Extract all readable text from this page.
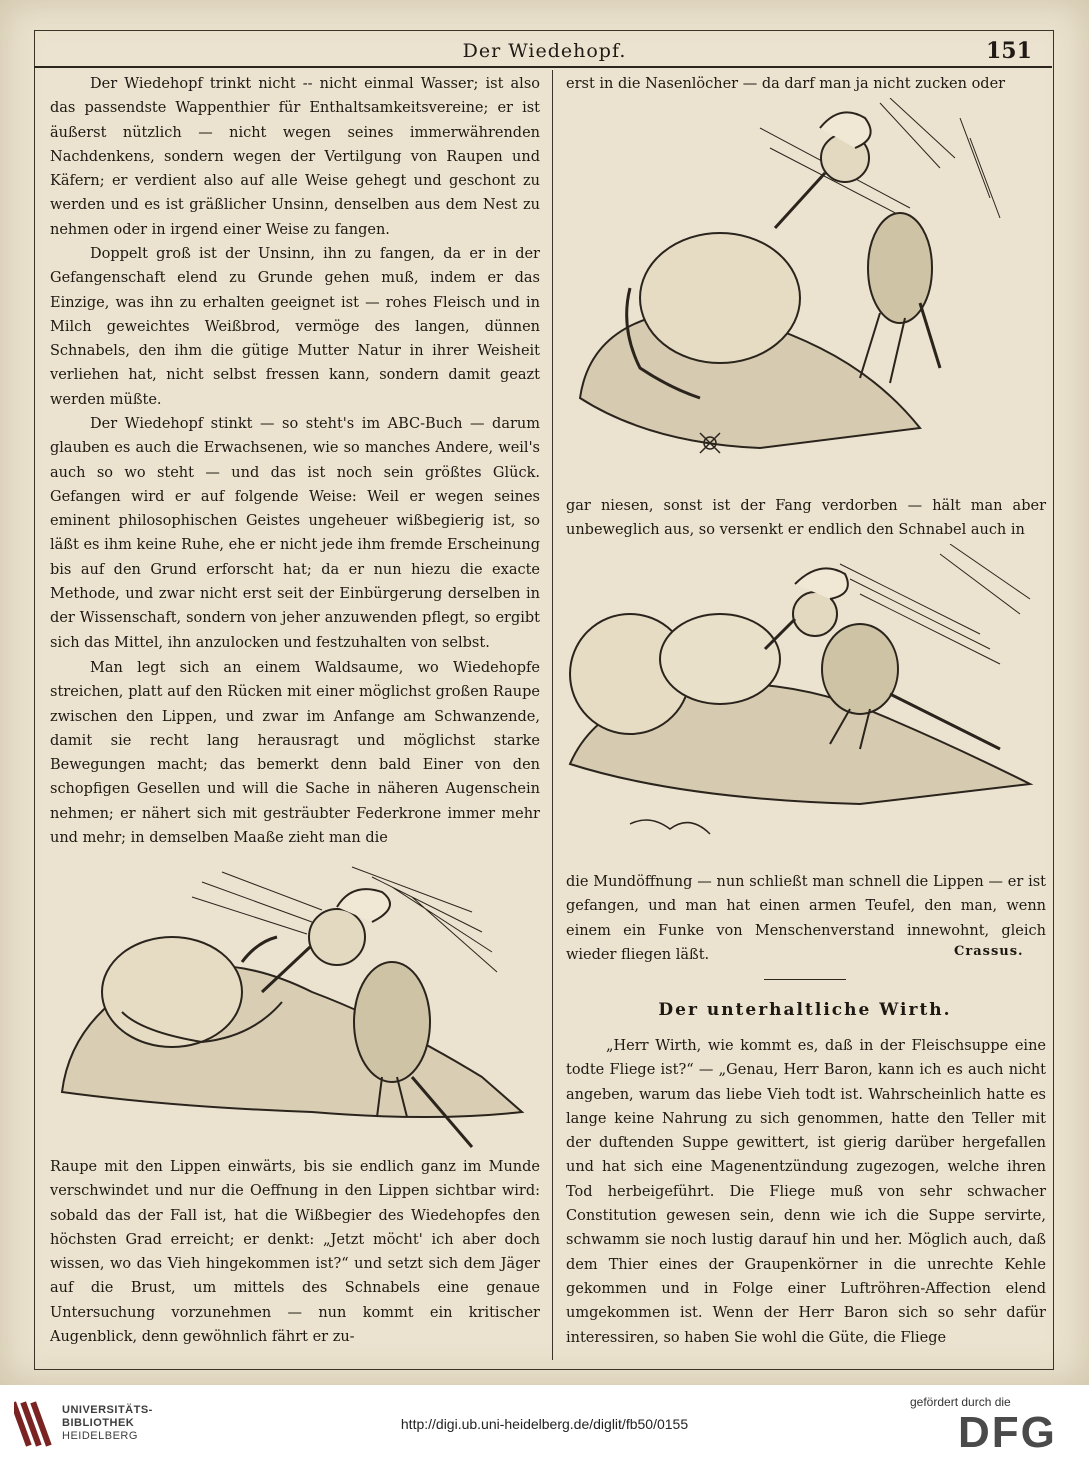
Der Wiedehopf.	151

Der Wiedehopf trinkt nicht -- nicht einmal Wasser; ist also das passendste Wappenthier für Enthaltsamkeitsvereine; er ist äußerst nützlich — nicht wegen seines immerwährenden Nachdenkens, sondern wegen der Vertilgung von Raupen und Käfern; er verdient also auf alle Weise gehegt und geschont zu werden und es ist gräßlicher Unsinn, denselben aus dem Nest zu nehmen oder in irgend einer Weise zu fangen.

Doppelt groß ist der Unsinn, ihn zu fangen, da er in der Gefangenschaft elend zu Grunde gehen muß, indem er das Einzige, was ihn zu erhalten geeignet ist — rohes Fleisch und in Milch geweichtes Weißbrod, vermöge des langen, dünnen Schnabels, den ihm die gütige Mutter Natur in ihrer Weisheit verliehen hat, nicht selbst fressen kann, sondern damit geazt werden müßte.

Der Wiedehopf stinkt — so steht's im ABC-Buch — darum glauben es auch die Erwachsenen, wie so manches Andere, weil's auch so wo steht — und das ist noch sein größtes Glück. Gefangen wird er auf folgende Weise: Weil er wegen seines eminent philosophischen Geistes ungeheuer wißbegierig ist, so läßt es ihm keine Ruhe, ehe er nicht jede ihm fremde Erscheinung bis auf den Grund erforscht hat; da er nun hiezu die exacte Methode, und zwar nicht erst seit der Einbürgerung derselben in der Wissenschaft, sondern von jeher anzuwenden pflegt, so ergibt sich das Mittel, ihn anzulocken und festzuhalten von selbst.

Man legt sich an einem Waldsaume, wo Wiedehopfe streichen, platt auf den Rücken mit einer möglichst großen Raupe zwischen den Lippen, und zwar im Anfange am Schwanzende, damit sie recht lang herausragt und möglichst starke Bewegungen macht; das bemerkt denn bald Einer von den schopfigen Gesellen und will die Sache in näheren Augenschein nehmen; er nähert sich mit gesträubter Federkrone immer mehr und mehr; in demselben Maaße zieht man die

Raupe mit den Lippen einwärts, bis sie endlich ganz im Munde verschwindet und nur die Oeffnung in den Lippen sichtbar wird: sobald das der Fall ist, hat die Wißbegier des Wiedehopfes den höchsten Grad erreicht; er denkt: „Jetzt möcht' ich aber doch wissen, wo das Vieh hingekommen ist?“ und setzt sich dem Jäger auf die Brust, um mittels des Schnabels eine genaue Untersuchung vorzunehmen — nun kommt ein kritischer Augenblick, denn gewöhnlich fährt er zu-

erst in die Nasenlöcher — da darf man ja nicht zucken oder

gar niesen, sonst ist der Fang verdorben — hält man aber unbeweglich aus, so versenkt er endlich den Schnabel auch in

die Mundöffnung — nun schließt man schnell die Lippen — er ist gefangen, und man hat einen armen Teufel, den man, wenn einem ein Funke von Menschenverstand innewohnt, gleich wieder fliegen läßt.	Crassus.
Der unterhaltliche Wirth.

„Herr Wirth, wie kommt es, daß in der Fleischsuppe eine todte Fliege ist?“ — „Genau, Herr Baron, kann ich es auch nicht angeben, warum das liebe Vieh todt ist. Wahrscheinlich hatte es lange keine Nahrung zu sich genommen, hatte den Teller mit der duftenden Suppe gewittert, ist gierig darüber hergefallen und hat sich eine Magenentzündung zugezogen, welche ihren Tod herbeigeführt. Die Fliege muß von sehr schwacher Constitution gewesen sein, denn wie ich die Suppe servirte, schwamm sie noch lustig darauf hin und her. Möglich auch, daß dem Thier eines der Graupenkörner in die unrechte Kehle gekommen und in Folge einer Luftröhren-Affection elend umgekommen ist. Wenn der Herr Baron sich so sehr dafür interessiren, so haben Sie wohl die Güte, die Fliege

UNIVERSITÄTS-
BIBLIOTHEK
HEIDELBERG
http://digi.ub.uni-heidelberg.de/diglit/fb50/0155
gefördert durch die
DFG
